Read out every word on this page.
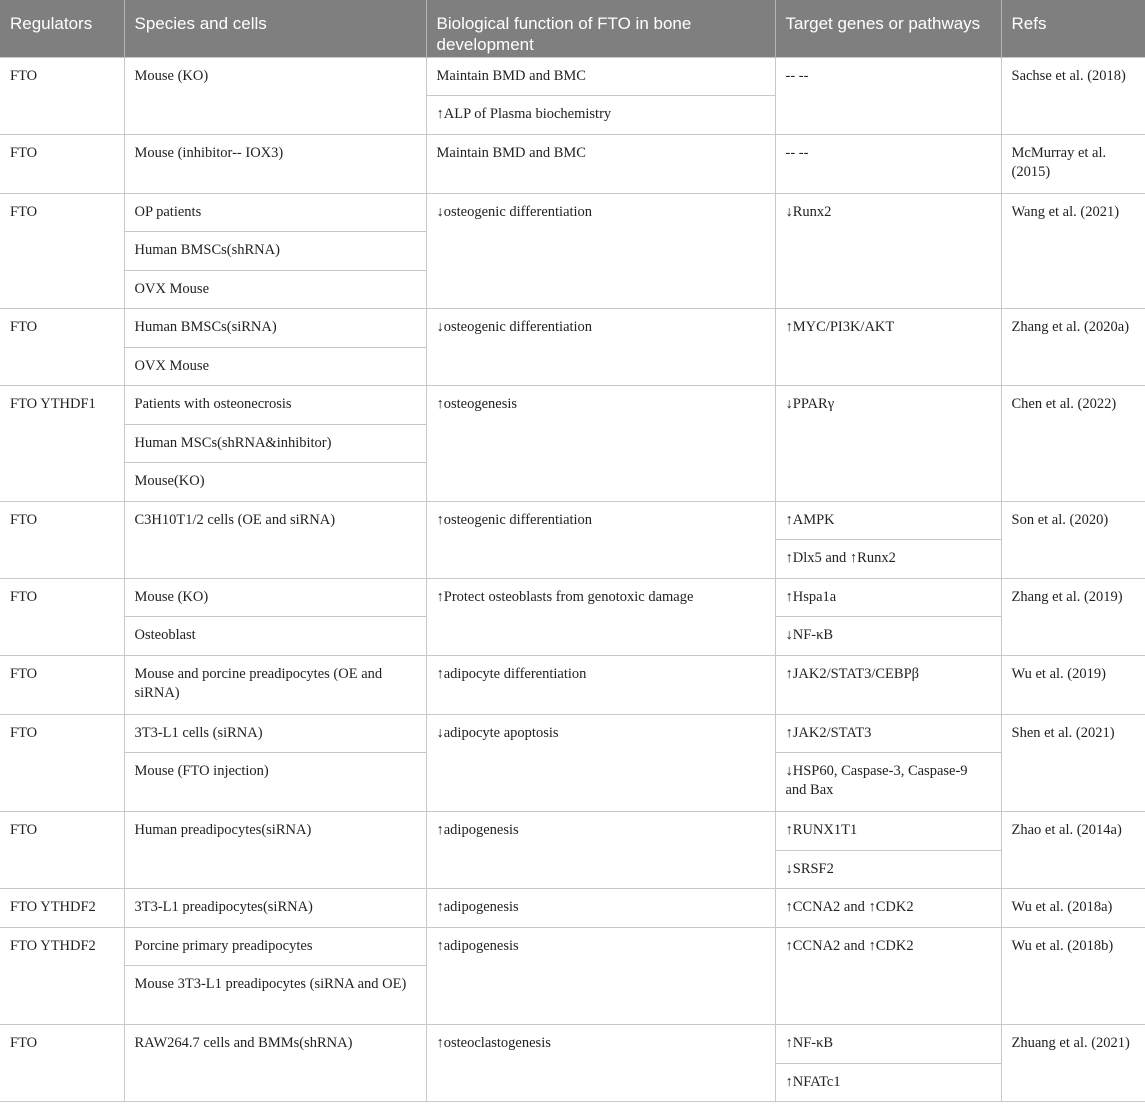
Regulators	Species and cells	Biological function of FTO in bone development	Target genes or pathways	Refs
FTO	Mouse (KO)	Maintain BMD and BMC	-- --	Sachse et al. (2018)
		↑ALP of Plasma biochemistry		
FTO	Mouse (inhibitor-- IOX3)	Maintain BMD and BMC	-- --	McMurray et al. (2015)
FTO	OP patients	↓osteogenic differentiation	↓Runx2	Wang et al. (2021)
	Human BMSCs(shRNA)			
	OVX Mouse			
FTO	Human BMSCs(siRNA)	↓osteogenic differentiation	↑MYC/PI3K/AKT	Zhang et al. (2020a)
	OVX Mouse			
FTO YTHDF1	Patients with osteonecrosis	↑osteogenesis	↓PPARγ	Chen et al. (2022)
	Human MSCs(shRNA&inhibitor)			
	Mouse(KO)			
FTO	C3H10T1/2 cells (OE and siRNA)	↑osteogenic differentiation	↑AMPK	Son et al. (2020)
			↑Dlx5 and ↑Runx2	
FTO	Mouse (KO)	↑Protect osteoblasts from genotoxic damage	↑Hspa1a	Zhang et al. (2019)
	Osteoblast		↓NF-κB	
FTO	Mouse and porcine preadipocytes (OE and siRNA)	↑adipocyte differentiation	↑JAK2/STAT3/CEBPβ	Wu et al. (2019)
FTO	3T3-L1 cells (siRNA)	↓adipocyte apoptosis	↑JAK2/STAT3	Shen et al. (2021)
	Mouse (FTO injection)		↓HSP60, Caspase-3, Caspase-9 and Bax	
FTO	Human preadipocytes(siRNA)	↑adipogenesis	↑RUNX1T1	Zhao et al. (2014a)
			↓SRSF2	
FTO YTHDF2	3T3-L1 preadipocytes(siRNA)	↑adipogenesis	↑CCNA2 and ↑CDK2	Wu et al. (2018a)
FTO YTHDF2	Porcine primary preadipocytes	↑adipogenesis	↑CCNA2 and ↑CDK2	Wu et al. (2018b)
	Mouse 3T3-L1 preadipocytes (siRNA and OE)			
FTO	RAW264.7 cells and BMMs(shRNA)	↑osteoclastogenesis	↑NF-κB	Zhuang et al. (2021)
			↑NFATc1	
